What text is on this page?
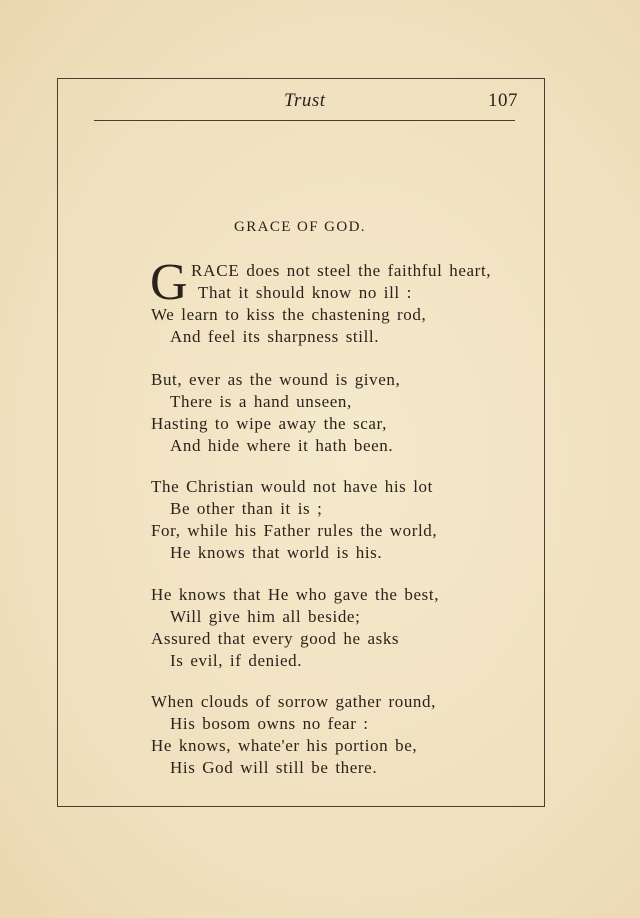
Trust	107
GRACE OF GOD.
G RACE does not steel the faithful heart,
That it should know no ill :
We learn to kiss the chastening rod,
And feel its sharpness still.
But, ever as the wound is given,
There is a hand unseen,
Hasting to wipe away the scar,
And hide where it hath been.
The Christian would not have his lot
Be other than it is ;
For, while his Father rules the world,
He knows that world is his.
He knows that He who gave the best,
Will give him all beside;
Assured that every good he asks
Is evil, if denied.
When clouds of sorrow gather round,
His bosom owns no fear :
He knows, whate'er his portion be,
His God will still be there.
